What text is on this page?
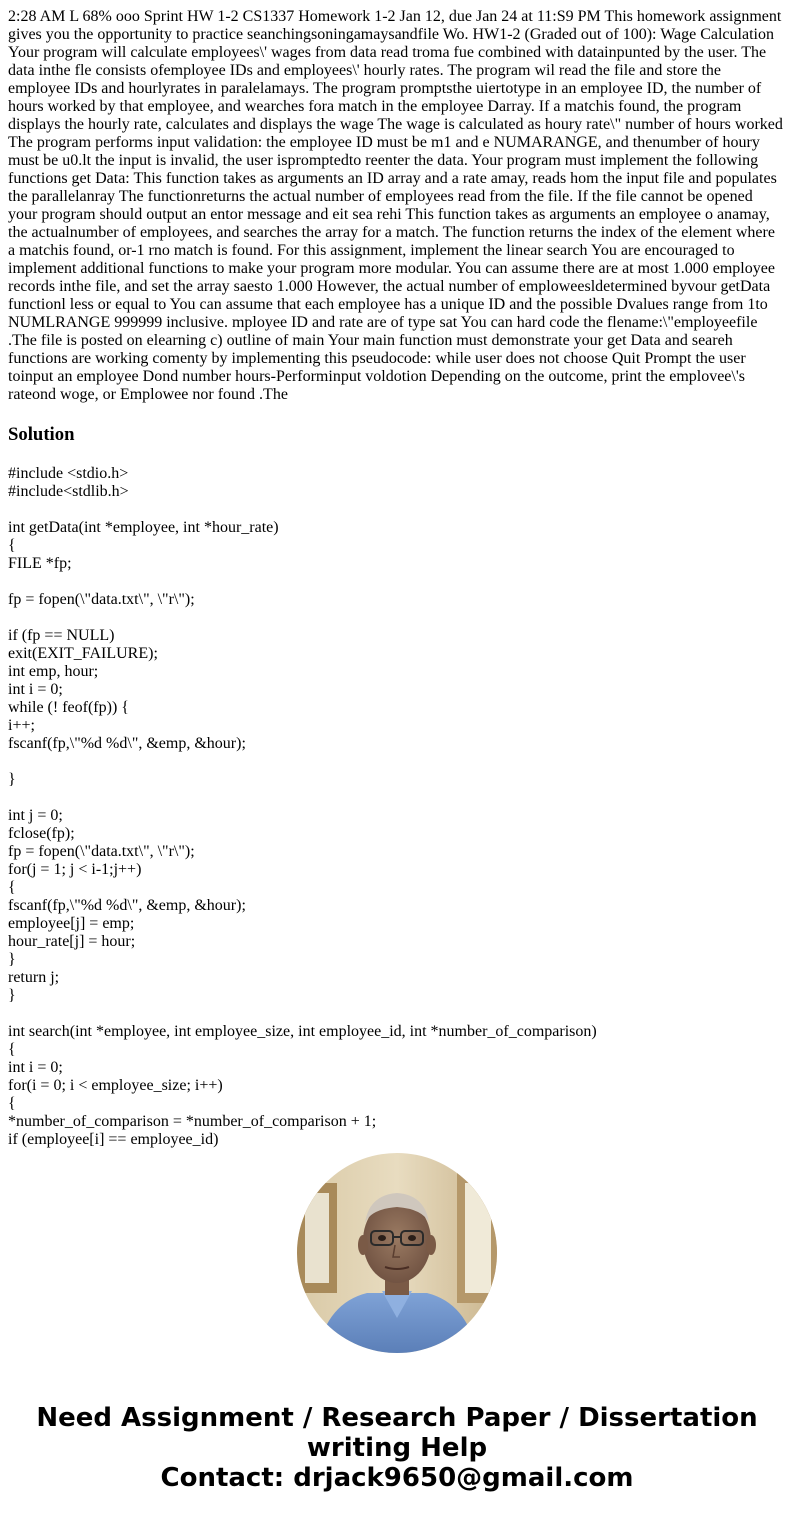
2:28 AM L 68% ooo Sprint HW 1-2 CS1337 Homework 1-2 Jan 12, due Jan 24 at 11:S9 PM This homework assignment gives you the opportunity to practice seanchingsoningamaysandfile Wo. HW1-2 (Graded out of 100): Wage Calculation Your program will calculate employees\' wages from data read troma fue combined with datainpunted by the user. The data inthe fle consists ofemployee IDs and employees\' hourly rates. The program wil read the file and store the employee IDs and hourlyrates in paralelamays. The program promptsthe uiertotype in an employee ID, the number of hours worked by that employee, and wearches fora match in the employee Darray. If a matchis found, the program displays the hourly rate, calculates and displays the wage The wage is calculated as houry rate\" number of hours worked The program performs input validation: the employee ID must be m1 and e NUMARANGE, and thenumber of houry must be u0.lt the input is invalid, the user ispromptedto reenter the data. Your program must implement the following functions get Data: This function takes as arguments an ID array and a rate amay, reads hom the input file and populates the parallelanray The functionreturns the actual number of employees read from the file. If the file cannot be opened your program should output an entor message and eit sea rehi This function takes as arguments an employee o anamay, the actualnumber of employees, and searches the array for a match. The function returns the index of the element where a matchis found, or-1 rno match is found. For this assignment, implement the linear search You are encouraged to implement additional functions to make your program more modular. You can assume there are at most 1.000 employee records inthe file, and set the array saesto 1.000 However, the actual number of emploweesldetermined byvour getData functionl less or equal to You can assume that each employee has a unique ID and the possible Dvalues range from 1to NUMLRANGE 999999 inclusive. mployee ID and rate are of type sat You can hard code the flename:\"employeefile .The file is posted on elearning c) outline of main Your main function must demonstrate your get Data and seareh functions are working comenty by implementing this pseudocode: while user does not choose Quit Prompt the user toinput an employee Dond number hours-Performinput voldotion Depending on the outcome, print the emplovee\'s rateond woge, or Emplowee nor found .The

Solution
#include <stdio.h>
#include<stdlib.h>
int getData(int *employee, int *hour_rate)
{
FILE *fp;
fp = fopen(\"data.txt\", \"r\");
if (fp == NULL)
exit(EXIT_FAILURE);
int emp, hour;
int i = 0;
while (! feof(fp)) {
i++;
fscanf(fp,\"%d %d\", &emp, &hour);
}
int j = 0;
fclose(fp);
fp = fopen(\"data.txt\", \"r\");
for(j = 1; j < i-1;j++)
{
fscanf(fp,\"%d %d\", &emp, &hour);
employee[j] = emp;
hour_rate[j] = hour;
}
return j;
}
int search(int *employee, int employee_size, int employee_id, int *number_of_comparison)
{
int i = 0;
for(i = 0; i < employee_size; i++)
{
*number_of_comparison = *number_of_comparison + 1;
if (employee[i] == employee_id)
Need Assignment / Research Paper / Dissertation
writing Help
Contact: drjack9650@gmail.com
